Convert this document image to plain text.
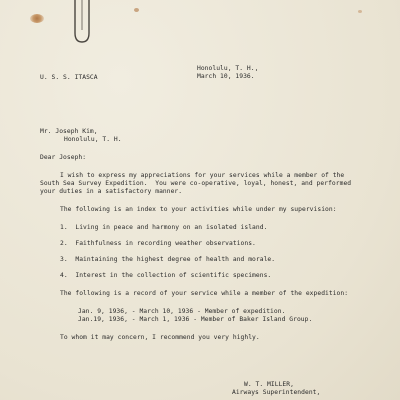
Honolulu, T. H.,
March 10, 1936.
U. S. S. ITASCA
Mr. Joseph Kim,
Honolulu, T. H.
Dear Joseph:
I wish to express my appreciations for your services while a member of the
South Sea Survey Expedition.  You were co-operative, loyal, honest, and performed
your duties in a satisfactory manner.
The following is an index to your activities while under my supervision:
1.  Living in peace and harmony on an isolated island.
2.  Faithfulness in recording weather observations.
3.  Maintaining the highest degree of health and morale.
4.  Interest in the collection of scientific specimens.
The following is a record of your service while a member of the expedition:
Jan. 9, 1936, - March 10, 1936 - Member of expedition.
Jan.19, 1936, - March 1, 1936 - Member of Baker Island Group.
To whom it may concern, I recommend you very highly.
W. T. MILLER,
Airways Superintendent,
